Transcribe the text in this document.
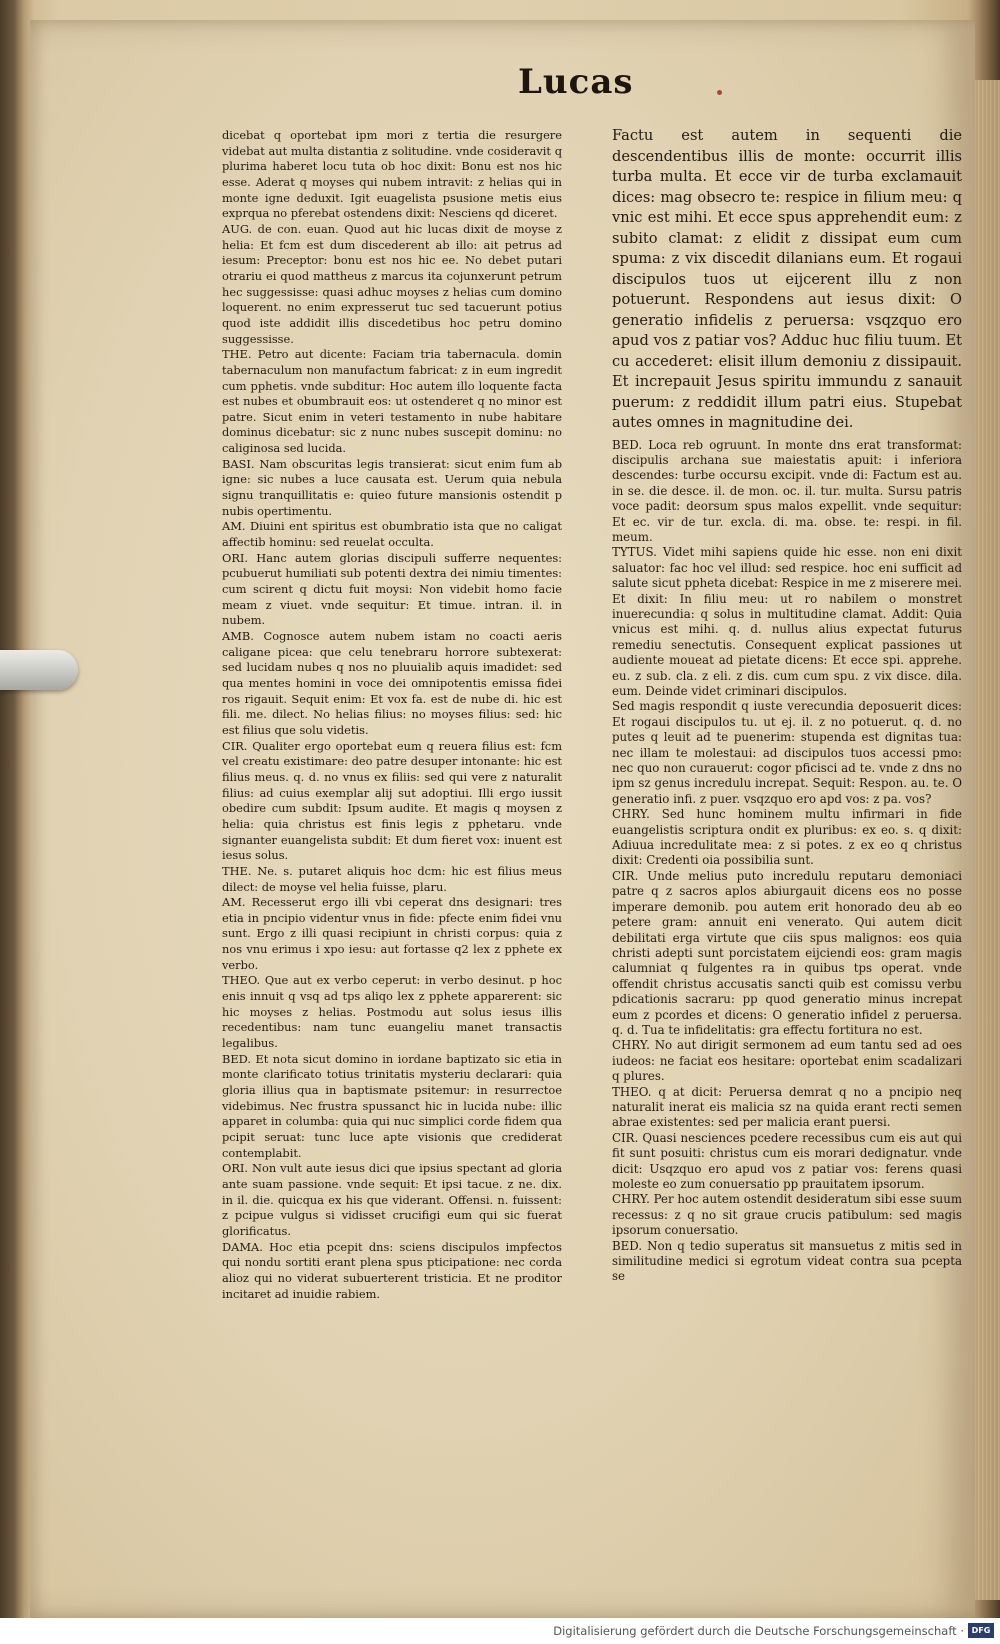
Lucas

dicebat q oportebat ipm mori z tertia die resurgere videbat aut multa distantia z solitudine. vnde cosideravit q plurima haberet locu tuta ob hoc dixit: Bonu est nos hic esse. Aderat q moyses qui nubem intravit: z helias qui in monte igne deduxit. Igit euagelista psusione metis eius exprqua no pferebat ostendens dixit: Nesciens qd diceret.

AUG. de con. euan. Quod aut hic lucas dixit de moyse z helia: Et fcm est dum discederent ab illo: ait petrus ad iesum: Preceptor: bonu est nos hic ee. No debet putari otrariu ei quod mattheus z marcus ita cojunxerunt petrum hec suggessisse: quasi adhuc moyses z helias cum domino loquerent. no enim expresserut tuc sed tacuerunt potius quod iste addidit illis discedetibus hoc petru domino suggessisse.

THE. Petro aut dicente: Faciam tria tabernacula. domin tabernaculum non manufactum fabricat: z in eum ingredit cum pphetis. vnde subditur: Hoc autem illo loquente facta est nubes et obumbrauit eos: ut ostenderet q no minor est patre. Sicut enim in veteri testamento in nube habitare dominus dicebatur: sic z nunc nubes suscepit dominu: no caliginosa sed lucida.

BASI. Nam obscuritas legis transierat: sicut enim fum ab igne: sic nubes a luce causata est. Uerum quia nebula signu tranquillitatis e: quieo future mansionis ostendit p nubis opertimentu.

AM. Diuini ent spiritus est obumbratio ista que no caligat affectib hominu: sed reuelat occulta.

ORI. Hanc autem glorias discipuli sufferre nequentes: pcubuerut humiliati sub potenti dextra dei nimiu timentes: cum scirent q dictu fuit moysi: Non videbit homo facie meam z viuet. vnde sequitur: Et timue. intran. il. in nubem.

AMB. Cognosce autem nubem istam no coacti aeris caligane picea: que celu tenebraru horrore subtexerat: sed lucidam nubes q nos no pluuialib aquis imadidet: sed qua mentes homini in voce dei omnipotentis emissa fidei ros rigauit. Sequit enim: Et vox fa. est de nube di. hic est fili. me. dilect. No helias filius: no moyses filius: sed: hic est filius que solu videtis.

CIR. Qualiter ergo oportebat eum q reuera filius est: fcm vel creatu existimare: deo patre desuper intonante: hic est filius meus. q. d. no vnus ex filiis: sed qui vere z naturalit filius: ad cuius exemplar alij sut adoptiui. Illi ergo iussit obedire cum subdit: Ipsum audite. Et magis q moysen z helia: quia christus est finis legis z pphetaru. vnde signanter euangelista subdit: Et dum fieret vox: inuent est iesus solus.

THE. Ne. s. putaret aliquis hoc dcm: hic est filius meus dilect: de moyse vel helia fuisse, plaru.

AM. Recesserut ergo illi vbi ceperat dns designari: tres etia in pncipio videntur vnus in fide: pfecte enim fidei vnu sunt. Ergo z illi quasi recipiunt in christi corpus: quia z nos vnu erimus i xpo iesu: aut fortasse q2 lex z pphete ex verbo.

THEO. Que aut ex verbo ceperut: in verbo desinut. p hoc enis innuit q vsq ad tps aliqo lex z pphete apparerent: sic hic moyses z helias. Postmodu aut solus iesus illis recedentibus: nam tunc euangeliu manet transactis legalibus.

BED. Et nota sicut domino in iordane baptizato sic etia in monte clarificato totius trinitatis mysteriu declarari: quia gloria illius qua in baptismate psitemur: in resurrectoe videbimus. Nec frustra spussanct hic in lucida nube: illic apparet in columba: quia qui nuc simplici corde fidem qua pcipit seruat: tunc luce apte visionis que crediderat contemplabit.

ORI. Non vult aute iesus dici que ipsius spectant ad gloria ante suam passione. vnde sequit: Et ipsi tacue. z ne. dix. in il. die. quicqua ex his que viderant. Offensi. n. fuissent: z pcipue vulgus si vidisset crucifigi eum qui sic fuerat glorificatus.

DAMA. Hoc etia pcepit dns: sciens discipulos impfectos qui nondu sortiti erant plena spus pticipatione: nec corda alioz qui no viderat subuerterent tristicia. Et ne proditor incitaret ad inuidie rabiem.

Factu est autem in sequenti die descendentibus illis de monte: occurrit illis turba multa. Et ecce vir de turba exclamauit dices: mag obsecro te: respice in filium meu: q vnic est mihi. Et ecce spus apprehendit eum: z subito clamat: z elidit z dissipat eum cum spuma: z vix discedit dilanians eum. Et rogaui discipulos tuos ut eijcerent illu z non potuerunt. Respondens aut iesus dixit: O generatio infidelis z peruersa: vsqzquo ero apud vos z patiar vos? Adduc huc filiu tuum. Et cu accederet: elisit illum demoniu z dissipauit. Et increpauit Jesus spiritu immundu z sanauit puerum: z reddidit illum patri eius. Stupebat autes omnes in magnitudine dei.

BED. Loca reb ogruunt. In monte dns erat transformat: discipulis archana sue maiestatis apuit: i inferiora descendes: turbe occursu excipit. vnde di: Factum est au. in se. die desce. il. de mon. oc. il. tur. multa. Sursu patris voce padit: deorsum spus malos expellit. vnde sequitur: Et ec. vir de tur. excla. di. ma. obse. te: respi. in fil. meum.

TYTUS. Videt mihi sapiens quide hic esse. non eni dixit saluator: fac hoc vel illud: sed respice. hoc eni sufficit ad salute sicut ppheta dicebat: Respice in me z miserere mei. Et dixit: In filiu meu: ut ro nabilem o monstret inuerecundia: q solus in multitudine clamat. Addit: Quia vnicus est mihi. q. d. nullus alius expectat futurus remediu senectutis. Consequent explicat passiones ut audiente moueat ad pietate dicens: Et ecce spi. apprehe. eu. z sub. cla. z eli. z dis. cum cum spu. z vix disce. dila. eum. Deinde videt criminari discipulos.

Sed magis respondit q iuste verecundia deposuerit dices: Et rogaui discipulos tu. ut ej. il. z no potuerut. q. d. no putes q leuit ad te puenerim: stupenda est dignitas tua: nec illam te molestaui: ad discipulos tuos accessi pmo: nec quo non curauerut: cogor pficisci ad te. vnde z dns no ipm sz genus incredulu increpat. Sequit: Respon. au. te. O generatio infi. z puer. vsqzquo ero apd vos: z pa. vos?

CHRY. Sed hunc hominem multu infirmari in fide euangelistis scriptura ondit ex pluribus: ex eo. s. q dixit: Adiuua incredulitate mea: z si potes. z ex eo q christus dixit: Credenti oia possibilia sunt.

CIR. Unde melius puto incredulu reputaru demoniaci patre q z sacros aplos abiurgauit dicens eos no posse imperare demonib. pou autem erit honorado deu ab eo petere gram: annuit eni venerato. Qui autem dicit debilitati erga virtute que ciis spus malignos: eos quia christi adepti sunt porcistatem eijciendi eos: gram magis calumniat q fulgentes ra in quibus tps operat. vnde offendit christus accusatis sancti quib est comissu verbu pdicationis sacraru: pp quod generatio minus increpat eum z pcordes et dicens: O generatio infidel z peruersa. q. d. Tua te infidelitatis: gra effectu fortitura no est.

CHRY. No aut dirigit sermonem ad eum tantu sed ad oes iudeos: ne faciat eos hesitare: oportebat enim scadalizari q plures.

THEO. q at dicit: Peruersa demrat q no a pncipio neq naturalit inerat eis malicia sz na quida erant recti semen abrae existentes: sed per malicia erant puersi.

CIR. Quasi nesciences pcedere recessibus cum eis aut qui fit sunt posuiti: christus cum eis morari dedignatur. vnde dicit: Usqzquo ero apud vos z patiar vos: ferens quasi moleste eo zum conuersatio pp prauitatem ipsorum.

CHRY. Per hoc autem ostendit desideratum sibi esse suum recessus: z q no sit graue crucis patibulum: sed magis ipsorum conuersatio.

BED. Non q tedio superatus sit mansuetus z mitis sed in similitudine medici si egrotum videat contra sua pcepta se

Digitalisierung gefördert durch die Deutsche Forschungsgemeinschaft · DFG
